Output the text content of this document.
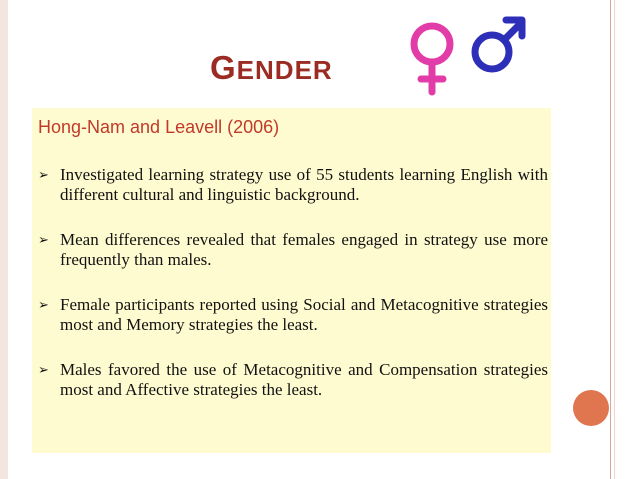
GENDER
Hong-Nam and Leavell (2006)
➢ Investigated learning strategy use of 55 students learning English with different cultural and linguistic background.
➢ Mean differences revealed that females engaged in strategy use more frequently than males.
➢ Female participants reported using Social and Metacognitive strategies most and Memory strategies the least.
➢ Males favored the use of Metacognitive and Compensation strategies most and Affective strategies the least.
